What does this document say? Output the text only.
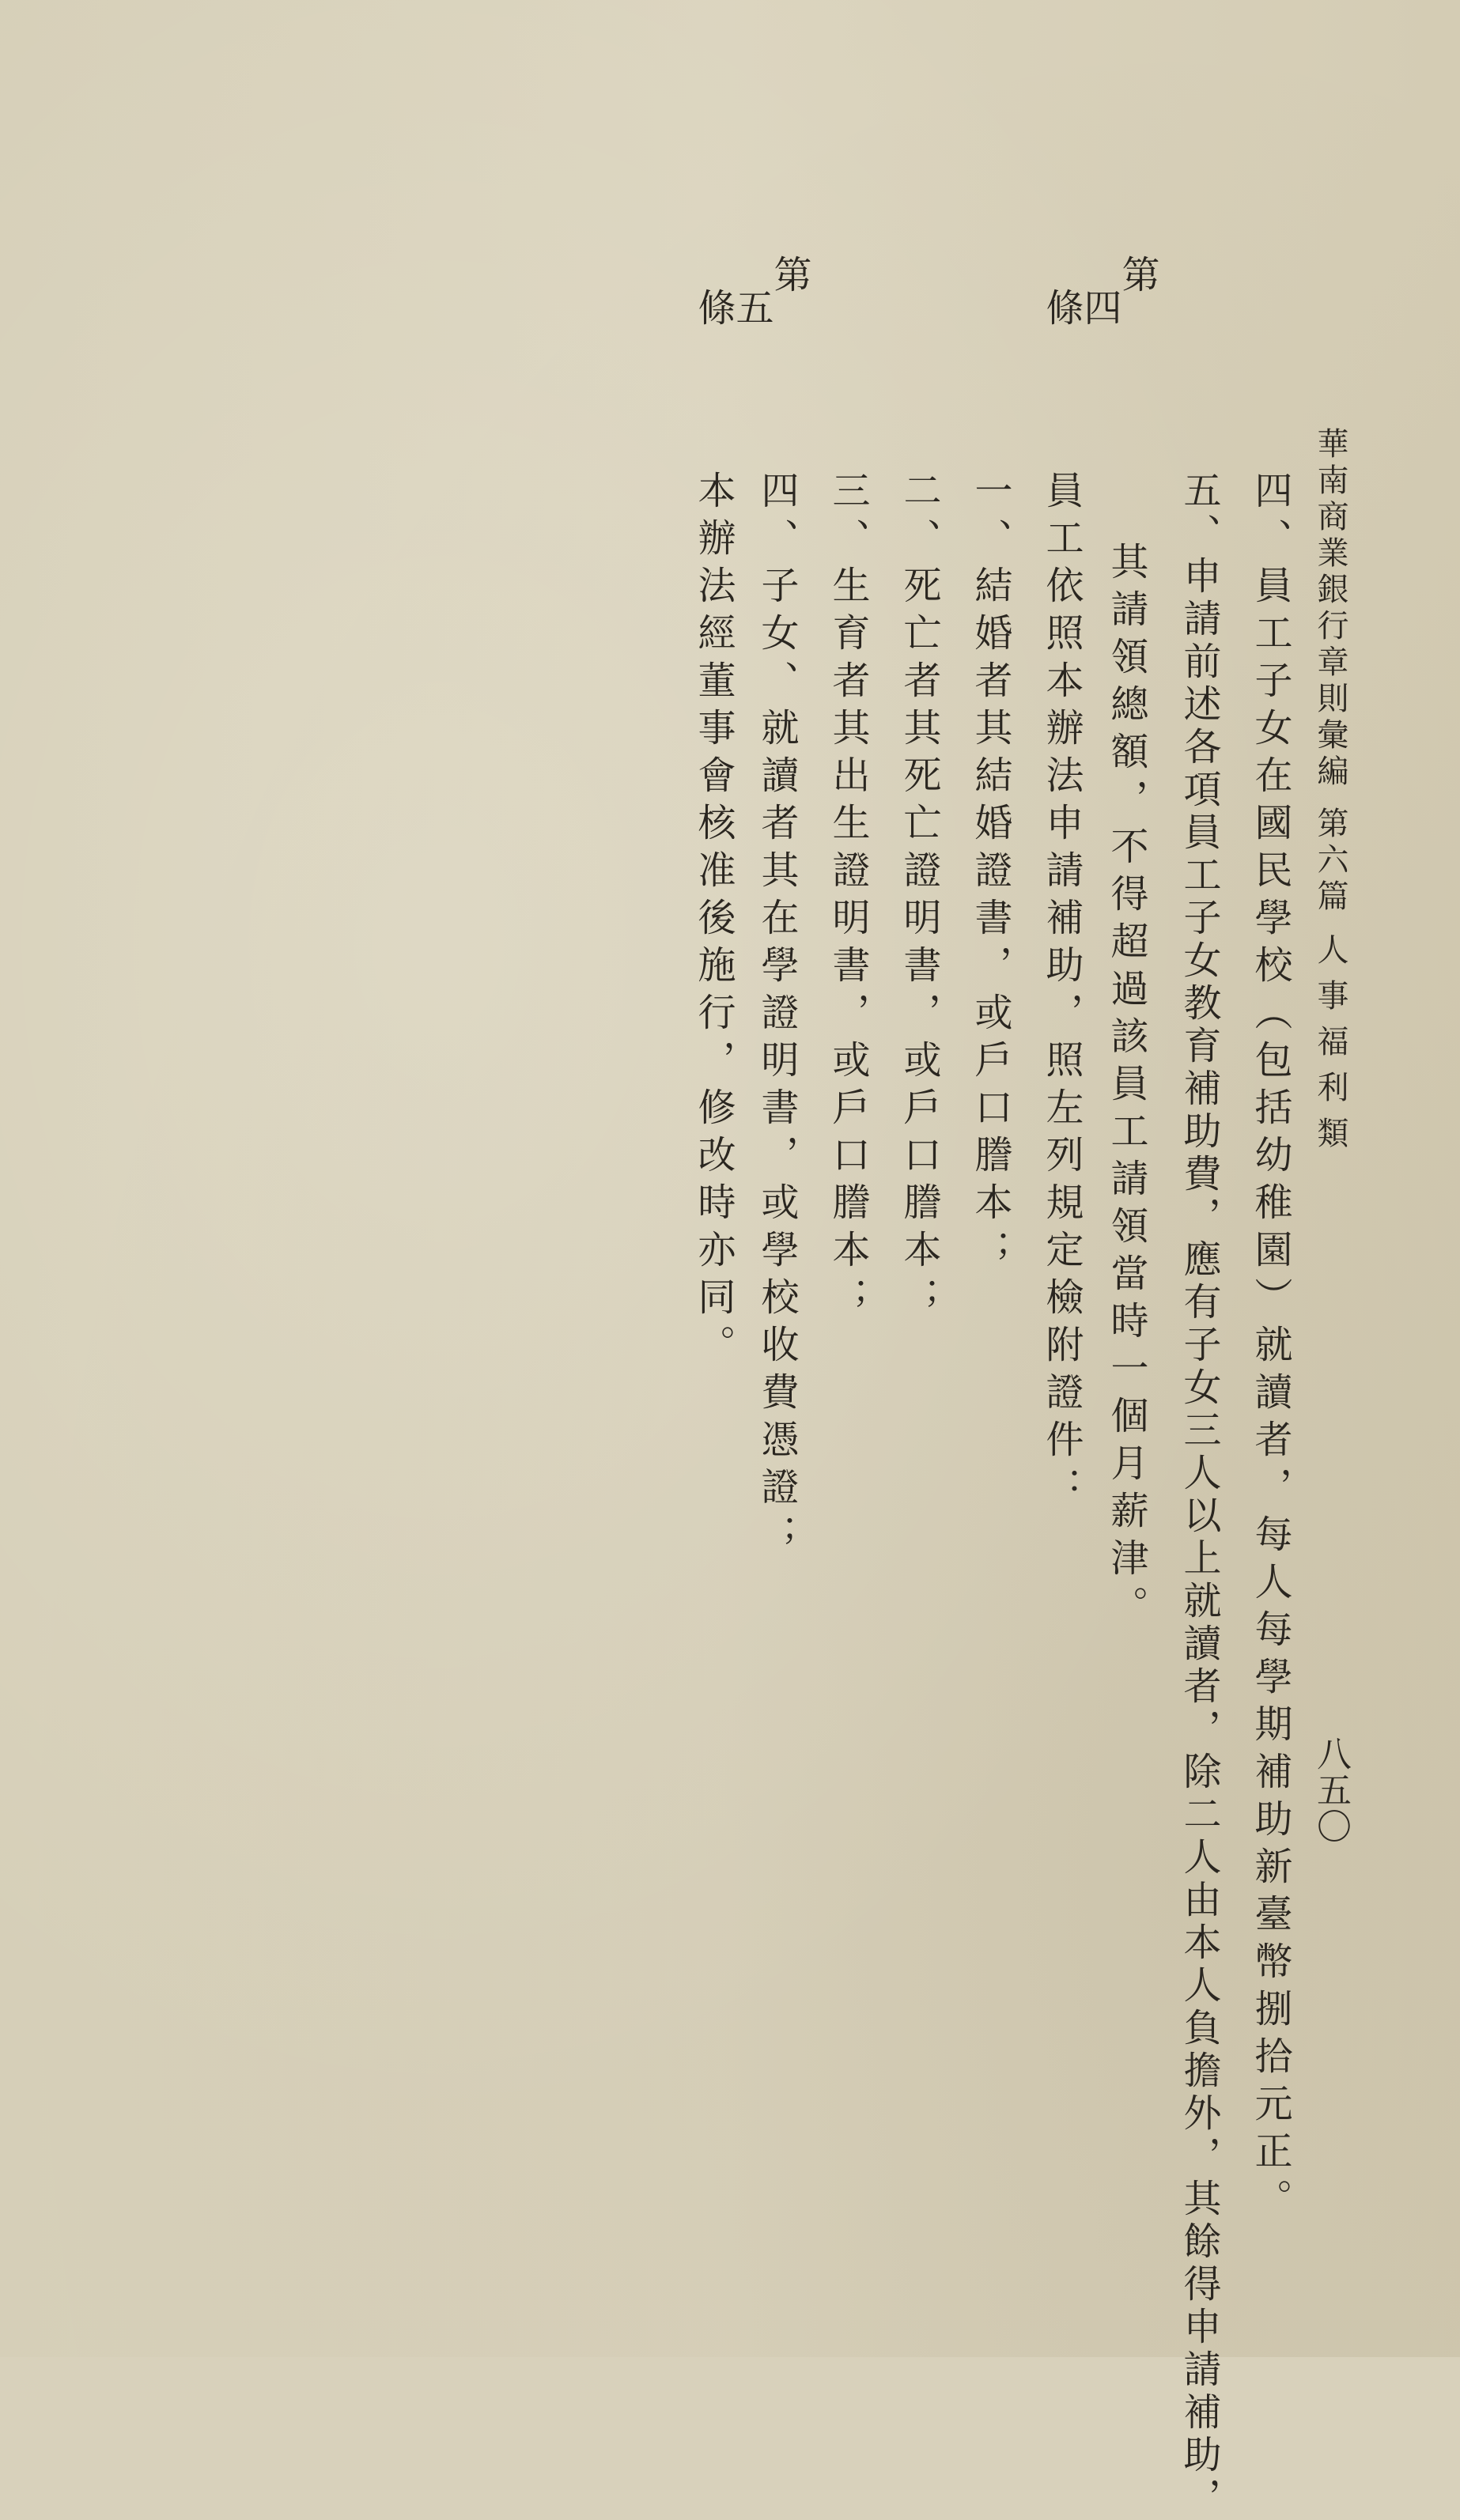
華南商業銀行章則彙編
第六篇
人事福利類
八五〇
四、員工子女在國民學校（包括幼稚園）就讀者，每人每學期補助新臺幣捌拾元正。
五、申請前述各項員工子女教育補助費，應有子女三人以上就讀者，除二人由本人負擔外，其餘得申請補助，
其請領總額，不得超過該員工請領當時一個月薪津。
第
四
條
員工依照本辦法申請補助，照左列規定檢附證件：
一、結婚者其結婚證書，或戶口謄本；
二、死亡者其死亡證明書，或戶口謄本；
三、生育者其出生證明書，或戶口謄本；
四、子女、就讀者其在學證明書，或學校收費憑證；
第
五
條
本辦法經董事會核准後施行，修改時亦同。
